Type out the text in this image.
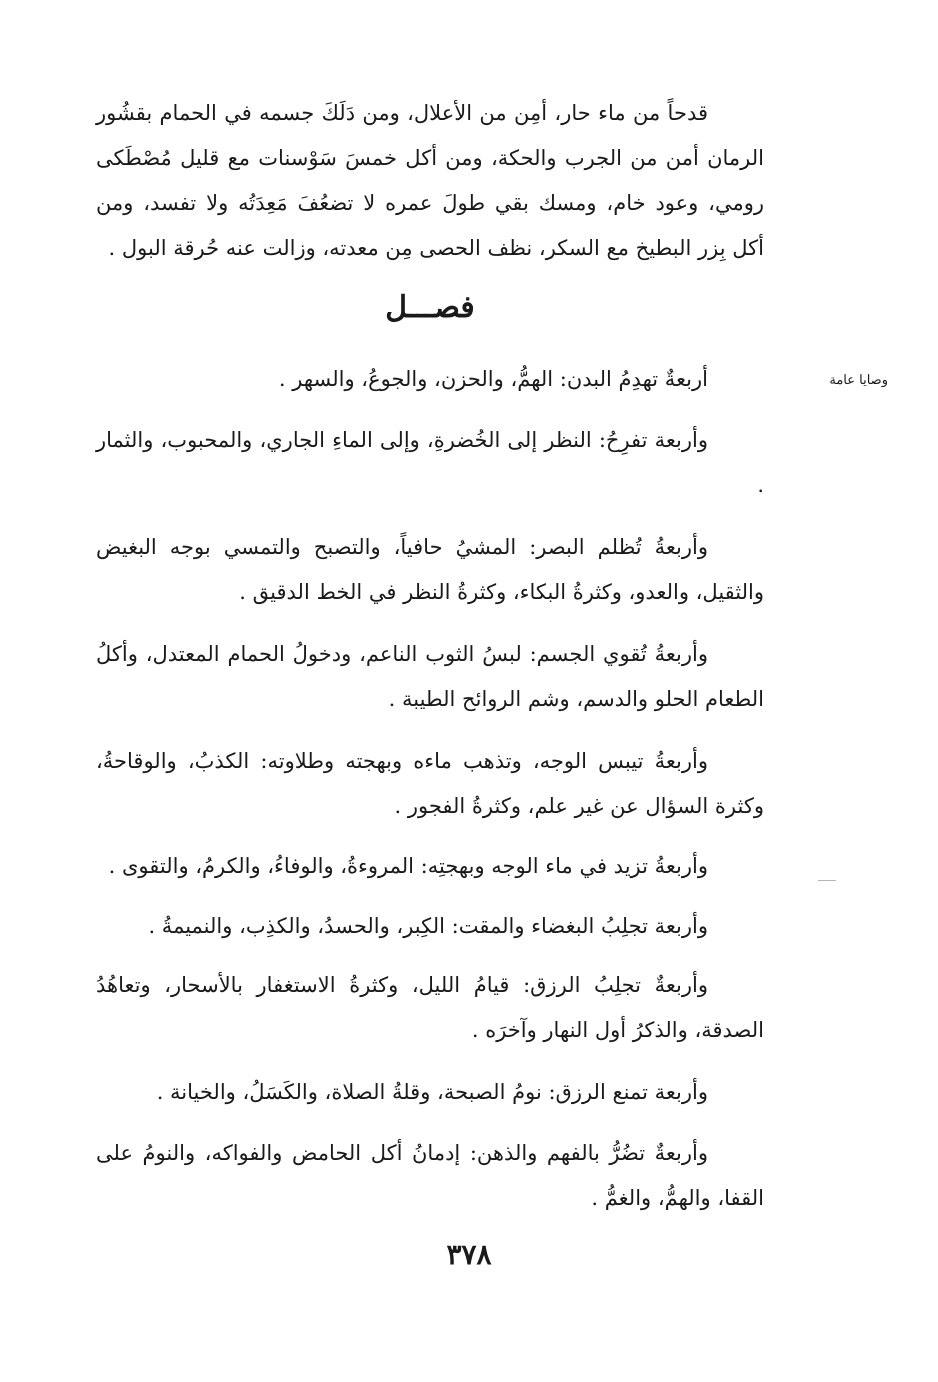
قدحاً من ماء حار، أمِن من الأعلال، ومن دَلَكَ جسمه في الحمام بقشُور الرمان أمن من الجرب والحكة، ومن أكل خمسَ سَوْسنات مع قليل مُصْطَكى رومي، وعود خام، ومسك بقي طولَ عمره لا تضعُفَ مَعِدَتُه ولا تفسد، ومن أكل بِزر البطيخ مع السكر، نظف الحصى مِن معدته، وزالت عنه حُرقة البول .

فصـــل
وصايا عامة

أربعةٌ تهدِمُ البدن: الهمُّ، والحزن، والجوعُ، والسهر .

وأربعة تفرِحُ: النظر إلى الخُضرةِ، وإلى الماءِ الجاري، والمحبوب، والثمار .

وأربعةُ تُظلم البصر: المشيُ حافياً، والتصبح والتمسي بوجه البغيض والثقيل، والعدو، وكثرةُ البكاء، وكثرةُ النظر في الخط الدقيق .

وأربعةُ تُقوي الجسم: لبسُ الثوب الناعم، ودخولُ الحمام المعتدل، وأكلُ الطعام الحلو والدسم، وشم الروائح الطيبة .

وأربعةُ تيبس الوجه، وتذهب ماءه وبهجته وطلاوته: الكذبُ، والوقاحةُ، وكثرة السؤال عن غير علم، وكثرةُ الفجور .

وأربعةُ تزيد في ماء الوجه وبهجتِه: المروءةُ، والوفاءُ، والكرمُ، والتقوى .

وأربعة تجلِبُ البغضاء والمقت: الكِبر، والحسدُ، والكذِب، والنميمةُ .

وأربعةٌ تجلِبُ الرزق: قيامُ الليل، وكثرةُ الاستغفار بالأسحار، وتعاهُدُ الصدقة، والذكرُ أول النهار وآخرَه .

وأربعة تمنع الرزق: نومُ الصبحة، وقلةُ الصلاة، والكَسَلُ، والخيانة .

وأربعةٌ تضُرُّ بالفهم والذهن: إدمانُ أكل الحامض والفواكه، والنومُ على القفا، والهمُّ، والغمُّ .

٣٧٨
